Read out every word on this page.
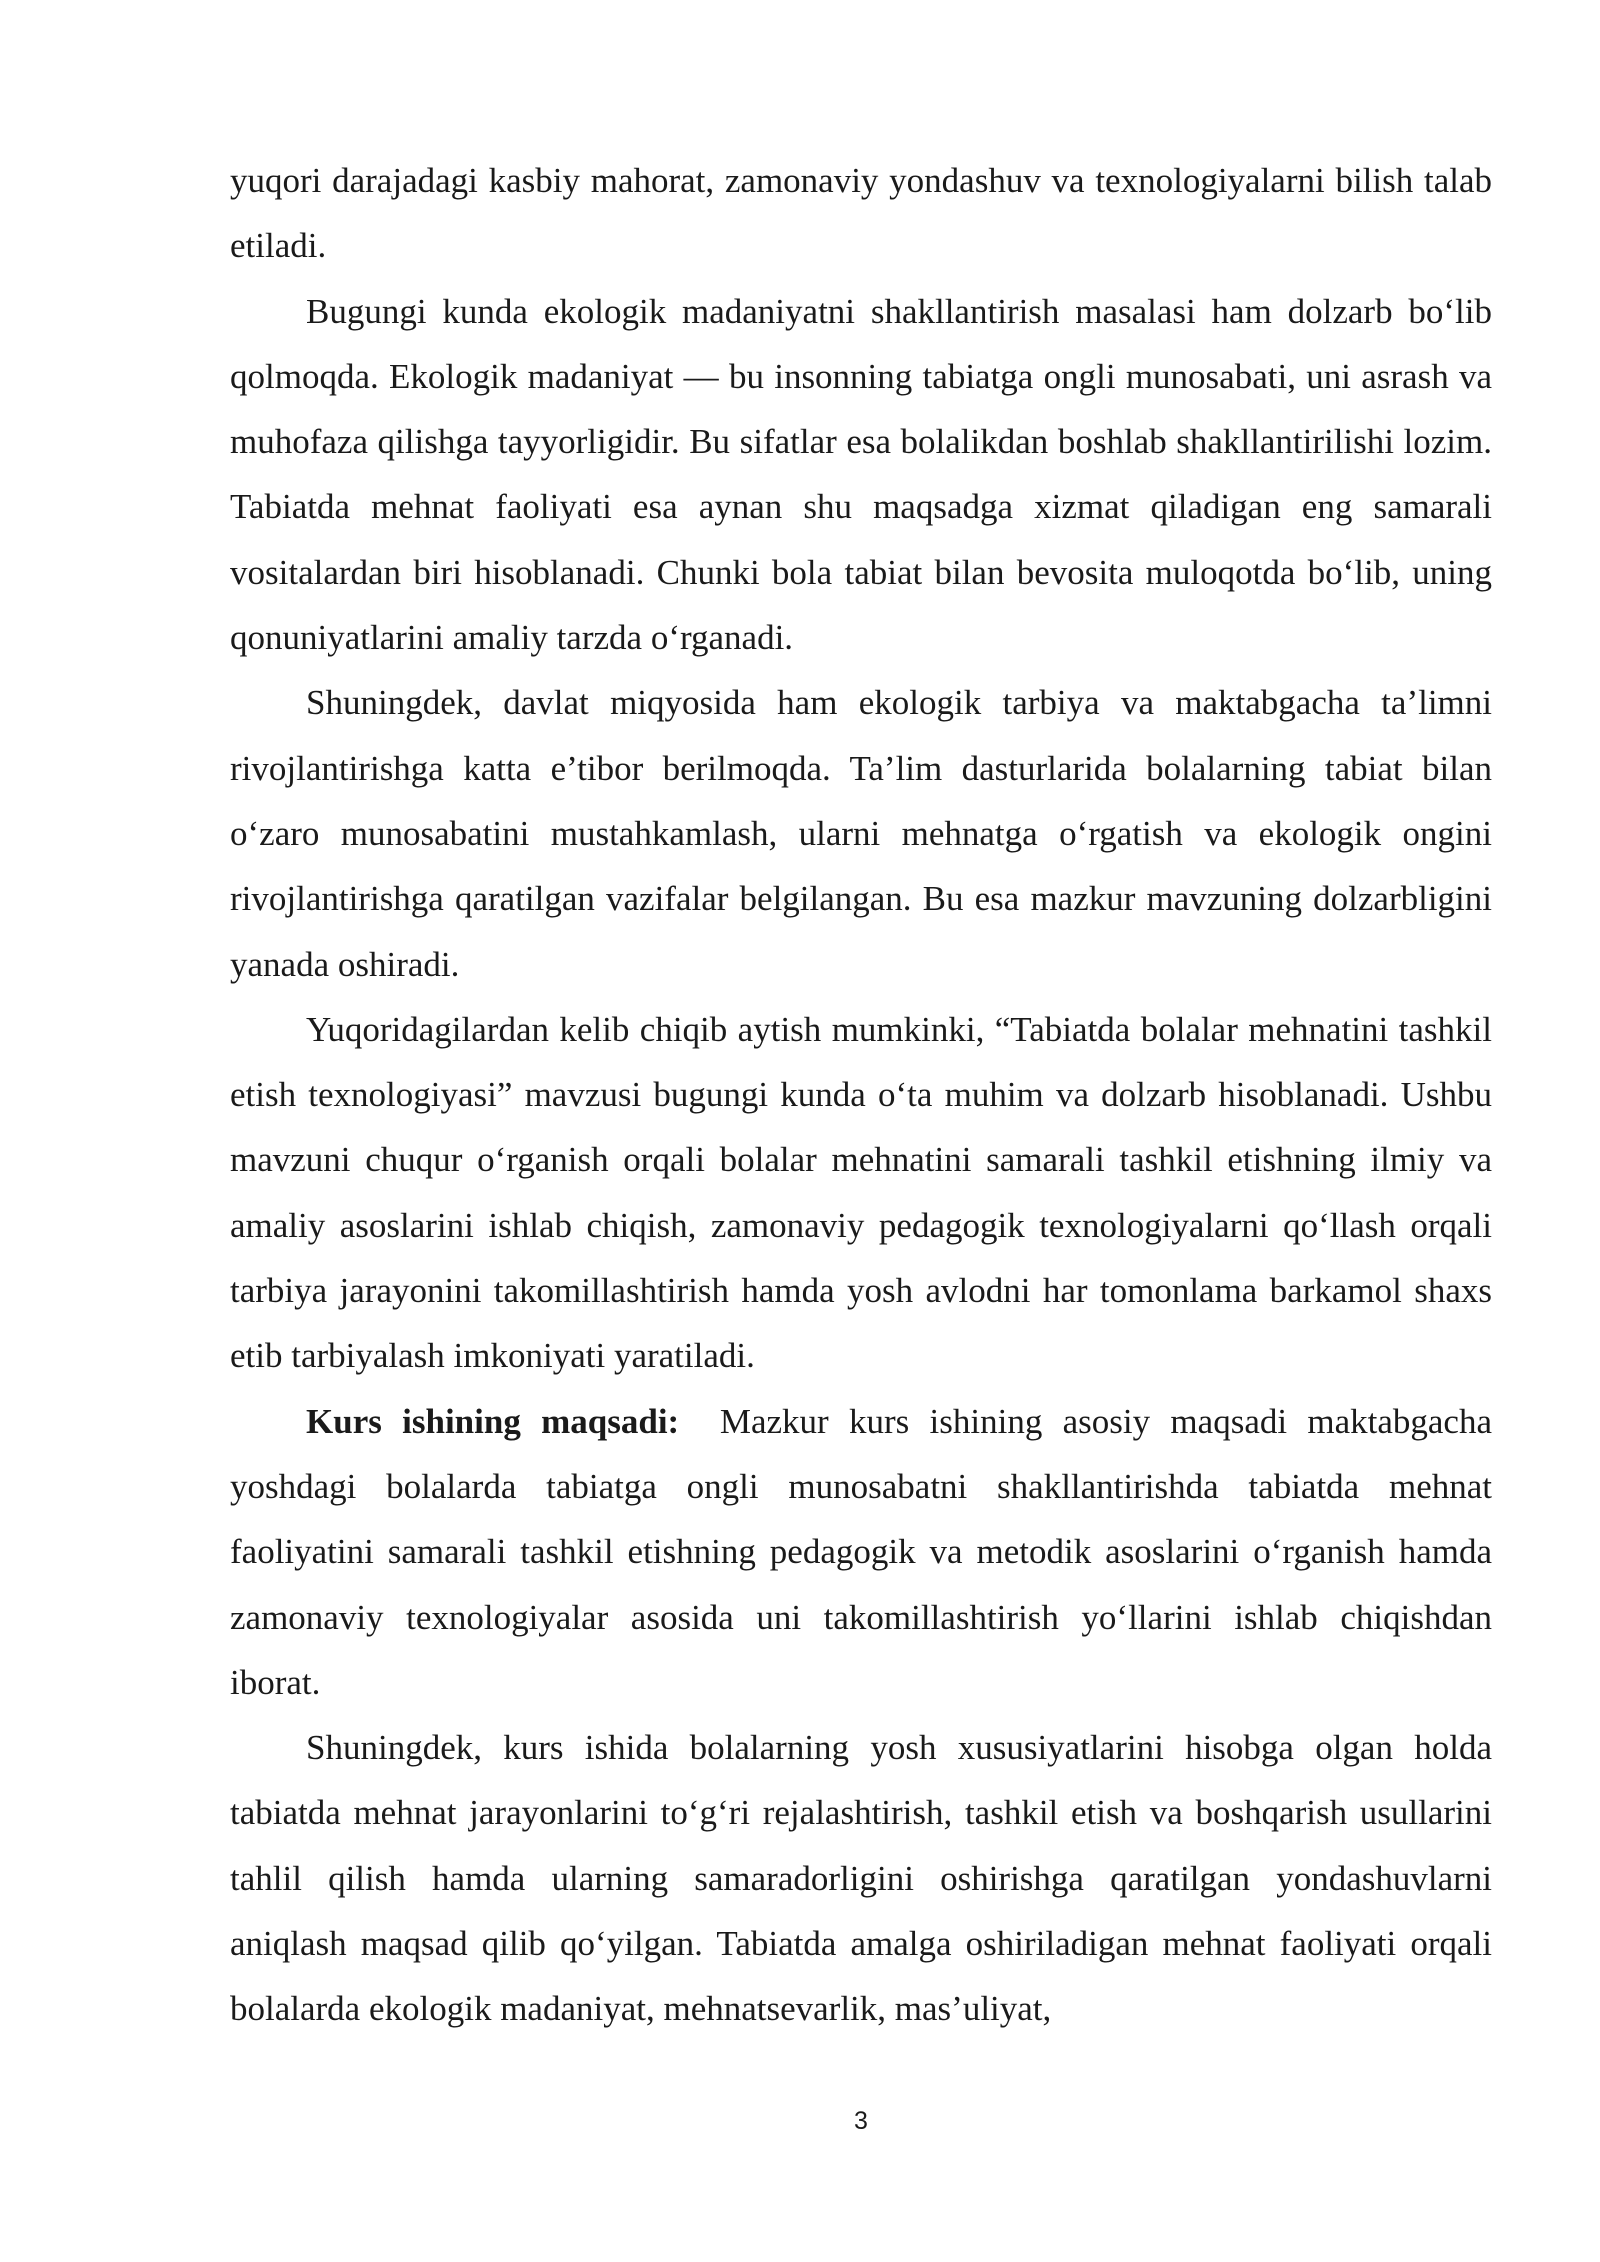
yuqori darajadagi kasbiy mahorat, zamonaviy yondashuv va texnologiyalarni bilish talab etiladi.

Bugungi kunda ekologik madaniyatni shakllantirish masalasi ham dolzarb bo‘lib qolmoqda. Ekologik madaniyat — bu insonning tabiatga ongli munosabati, uni asrash va muhofaza qilishga tayyorligidir. Bu sifatlar esa bolalikdan boshlab shakllantirilishi lozim. Tabiatda mehnat faoliyati esa aynan shu maqsadga xizmat qiladigan eng samarali vositalardan biri hisoblanadi. Chunki bola tabiat bilan bevosita muloqotda bo‘lib, uning qonuniyatlarini amaliy tarzda o‘rganadi.

Shuningdek, davlat miqyosida ham ekologik tarbiya va maktabgacha ta’limni rivojlantirishga katta e’tibor berilmoqda. Ta’lim dasturlarida bolalarning tabiat bilan o‘zaro munosabatini mustahkamlash, ularni mehnatga o‘rgatish va ekologik ongini rivojlantirishga qaratilgan vazifalar belgilangan. Bu esa mazkur mavzuning dolzarbligini yanada oshiradi.

Yuqoridagilardan kelib chiqib aytish mumkinki, “Tabiatda bolalar mehnatini tashkil etish texnologiyasi” mavzusi bugungi kunda o‘ta muhim va dolzarb hisoblanadi. Ushbu mavzuni chuqur o‘rganish orqali bolalar mehnatini samarali tashkil etishning ilmiy va amaliy asoslarini ishlab chiqish, zamonaviy pedagogik texnologiyalarni qo‘llash orqali tarbiya jarayonini takomillashtirish hamda yosh avlodni har tomonlama barkamol shaxs etib tarbiyalash imkoniyati yaratiladi.

Kurs ishining maqsadi: Mazkur kurs ishining asosiy maqsadi maktabgacha yoshdagi bolalarda tabiatga ongli munosabatni shakllantirishda tabiatda mehnat faoliyatini samarali tashkil etishning pedagogik va metodik asoslarini o‘rganish hamda zamonaviy texnologiyalar asosida uni takomillashtirish yo‘llarini ishlab chiqishdan iborat.

Shuningdek, kurs ishida bolalarning yosh xususiyatlarini hisobga olgan holda tabiatda mehnat jarayonlarini to‘g‘ri rejalashtirish, tashkil etish va boshqarish usullarini tahlil qilish hamda ularning samaradorligini oshirishga qaratilgan yondashuvlarni aniqlash maqsad qilib qo‘yilgan. Tabiatda amalga oshiriladigan mehnat faoliyati orqali bolalarda ekologik madaniyat, mehnatsevarlik, mas’uliyat,

3
